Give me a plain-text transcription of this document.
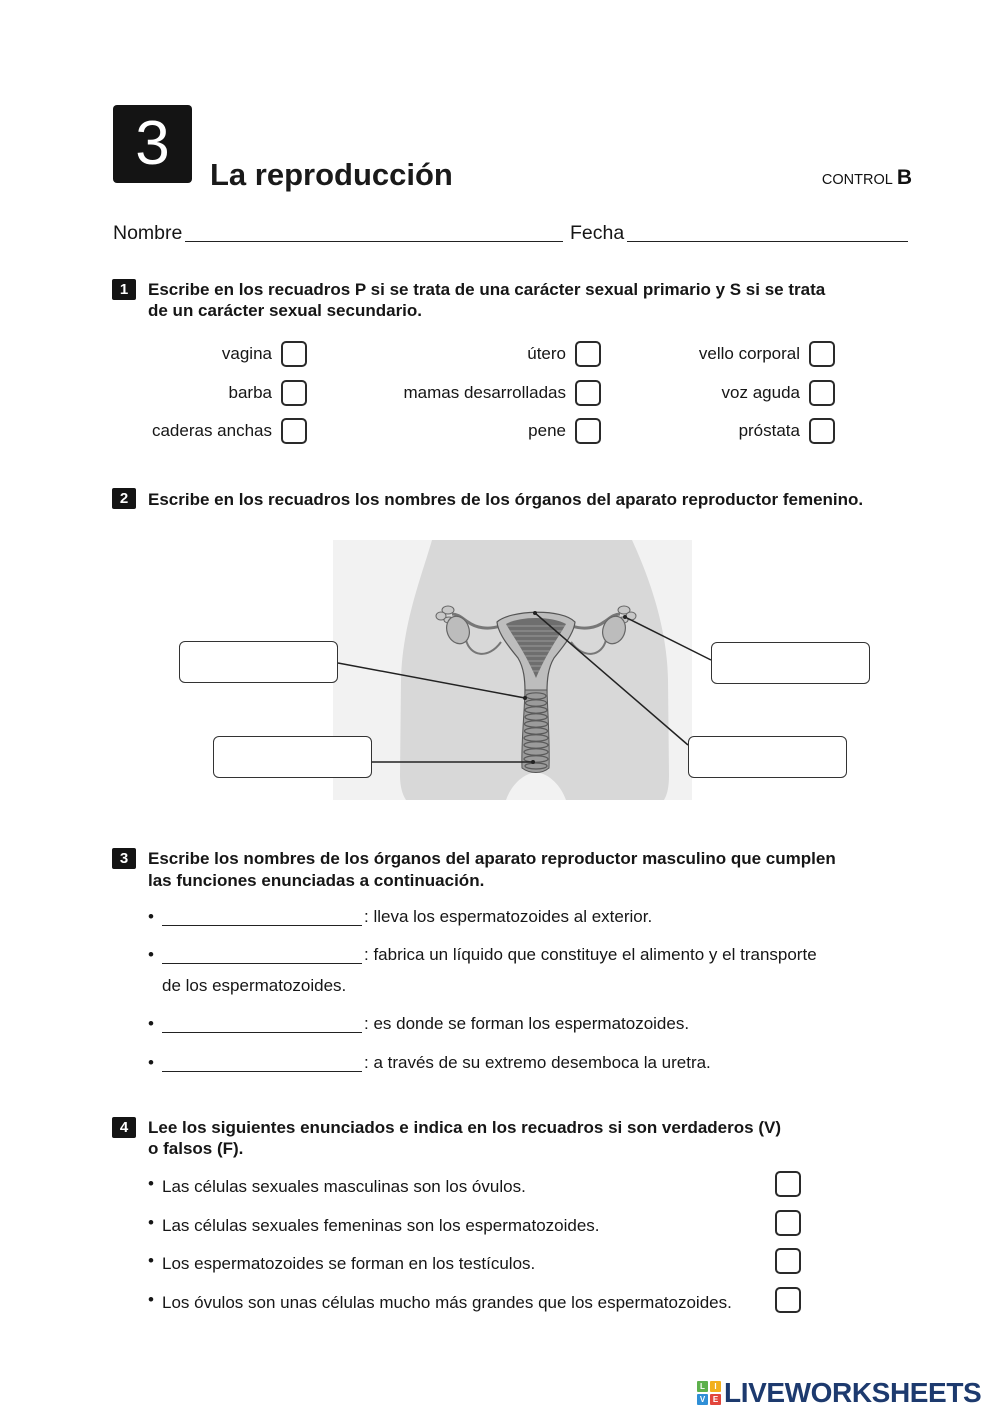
3	La reproducción	CONTROL B
Nombre	Fecha
1	Escribe en los recuadros P si se trata de una carácter sexual primario y S si se trata
de un carácter sexual secundario.
vagina	útero	vello corporal
barba	mamas desarrolladas	voz aguda
caderas anchas	pene	próstata
2	Escribe en los recuadros los nombres de los órganos del aparato reproductor femenino.
3	Escribe los nombres de los órganos del aparato reproductor masculino que cumplen
las funciones enunciadas a continuación.
•	: lleva los espermatozoides al exterior.
•	: fabrica un líquido que constituye el alimento y el transporte
de los espermatozoides.
•	: es donde se forman los espermatozoides.
•	: a través de su extremo desemboca la uretra.
4	Lee los siguientes enunciados e indica en los recuadros si son verdaderos (V)
o falsos (F).
• Las células sexuales masculinas son los óvulos.
• Las células sexuales femeninas son los espermatozoides.
• Los espermatozoides se forman en los testículos.
• Los óvulos son unas células mucho más grandes que los espermatozoides.
L	I
V E LIVEWORKSHEETS
